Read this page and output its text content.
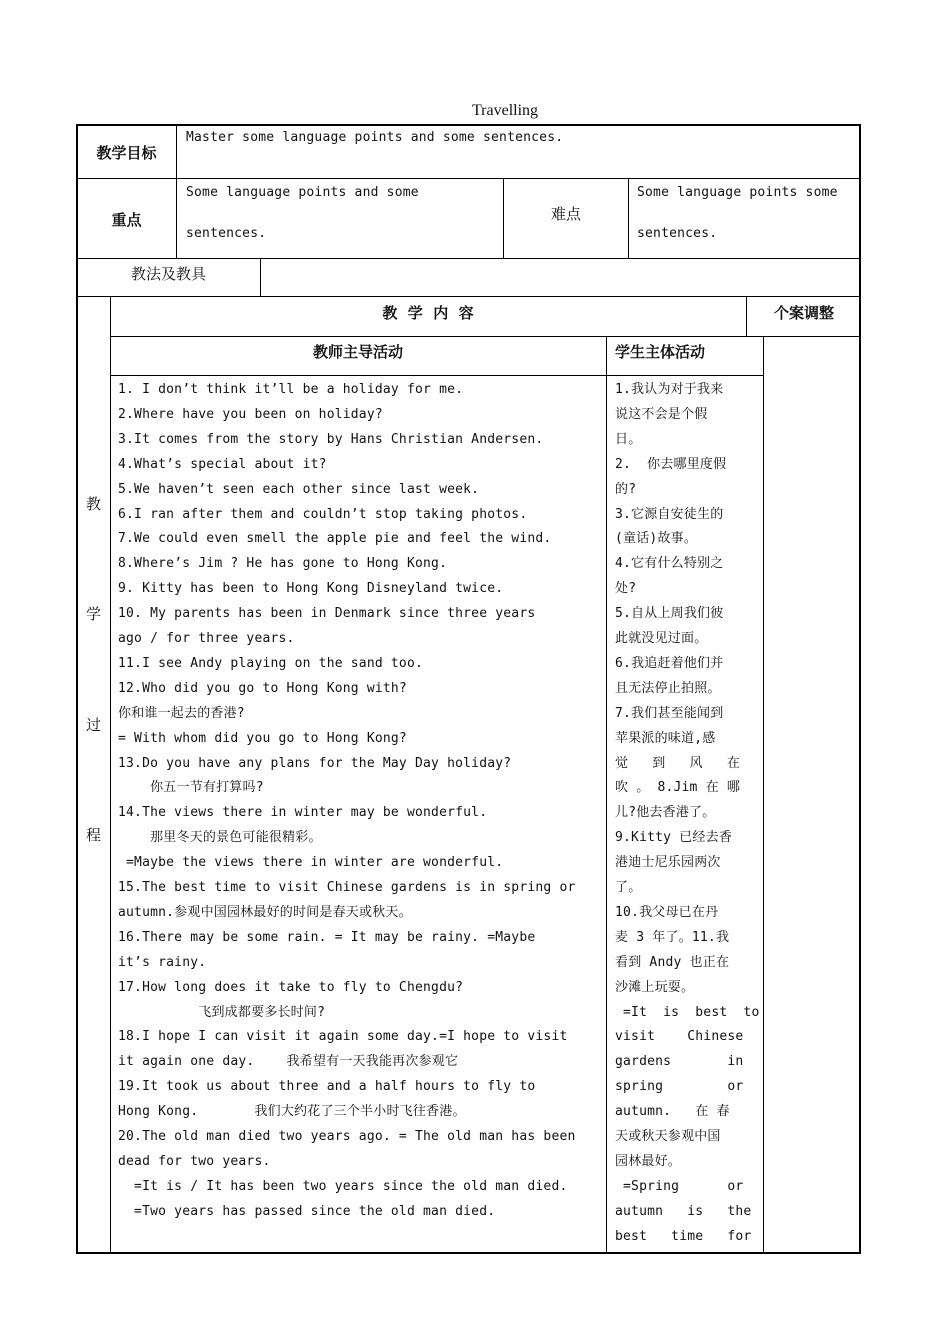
Travelling
教学目标
Master some language points and some sentences.
重点
Some language points and some
sentences.
难点
Some language points some
sentences.
教法及教具
教
学
过
程
教  学  内  容	个案调整
教师主导活动	学生主体活动
1. I don’t think it’ll be a holiday for me.
2.Where have you been on holiday?
3.It comes from the story by Hans Christian Andersen.
4.What’s special about it?
5.We haven’t seen each other since last week.
6.I ran after them and couldn’t stop taking photos.
7.We could even smell the apple pie and feel the wind.
8.Where’s Jim ? He has gone to Hong Kong.
9. Kitty has been to Hong Kong Disneyland twice.
10. My parents has been in Denmark since three years
ago / for three years.
11.I see Andy playing on the sand too.
12.Who did you go to Hong Kong with?
你和谁一起去的香港?
= With whom did you go to Hong Kong?
13.Do you have any plans for the May Day holiday?
你五一节有打算吗?
14.The views there in winter may be wonderful.
那里冬天的景色可能很精彩。
=Maybe the views there in winter are wonderful.
15.The best time to visit Chinese gardens is in spring or
autumn.参观中国园林最好的时间是春天或秋天。
16.There may be some rain. = It may be rainy. =Maybe
it’s rainy.
17.How long does it take to fly to Chengdu?
飞到成都要多长时间?
18.I hope I can visit it again some day.=I hope to visit
it again one day.    我希望有一天我能再次参观它
19.It took us about three and a half hours to fly to
Hong Kong.       我们大约花了三个半小时飞往香港。
20.The old man died two years ago. = The old man has been
dead for two years.
=It is / It has been two years since the old man died.
=Two years has passed since the old man died.
1.我认为对于我来
说这不会是个假
日。
2.  你去哪里度假
的?
3.它源自安徒生的
(童话)故事。
4.它有什么特别之
处?
5.自从上周我们彼
此就没见过面。
6.我追赶着他们并
且无法停止拍照。
7.我们甚至能闻到
苹果派的味道,感
觉   到   风   在
吹 。 8.Jim 在 哪
儿?他去香港了。
9.Kitty 已经去香
港迪士尼乐园两次
了。
10.我父母已在丹
麦 3 年了。11.我
看到 Andy 也正在
沙滩上玩耍。
=It  is  best  to
visit    Chinese
gardens       in
spring        or
autumn.   在 春
天或秋天参观中国
园林最好。
=Spring      or
autumn   is   the
best   time   for
